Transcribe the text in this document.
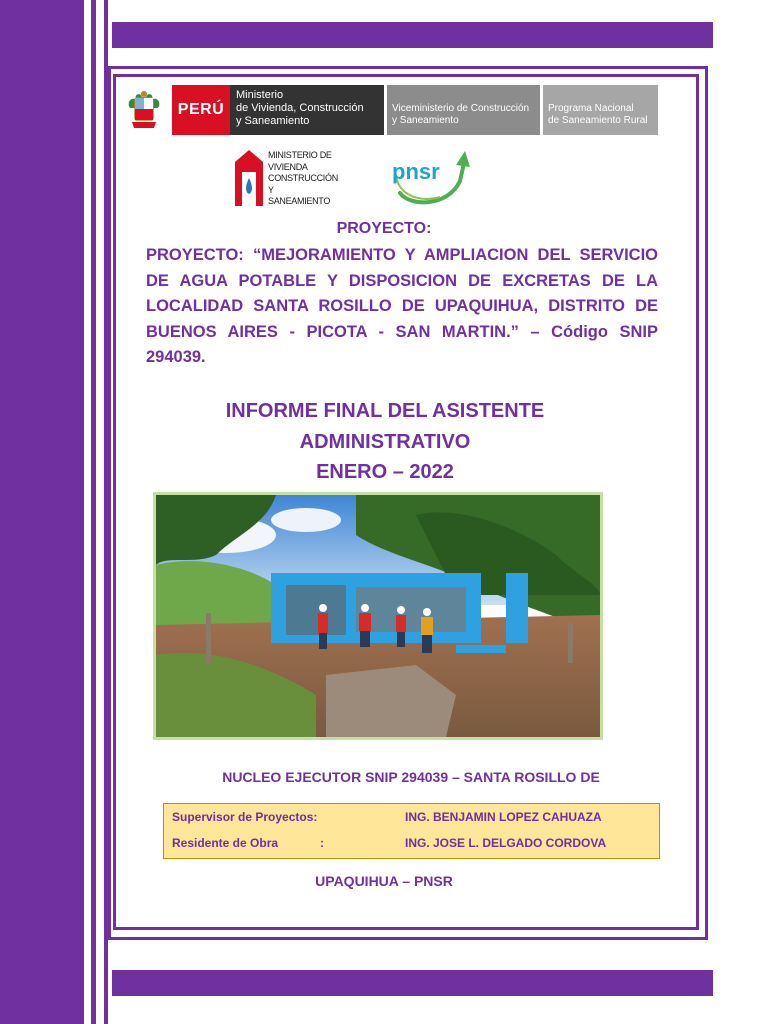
PERÚ
Ministerio
de Vivienda, Construcción
y Saneamiento
Viceministerio de Construcción
y Saneamiento
Programa Nacional
de Saneamiento Rural
MINISTERIO DE
VIVIENDA
CONSTRUCCIÓN Y
SANEAMIENTO
pnsr
PROYECTO:
PROYECTO: “MEJORAMIENTO Y AMPLIACION DEL SERVICIO DE AGUA POTABLE Y DISPOSICION DE EXCRETAS DE LA LOCALIDAD SANTA ROSILLO DE UPAQUIHUA, DISTRITO DE BUENOS AIRES - PICOTA - SAN MARTIN.” – Código SNIP 294039.
INFORME FINAL DEL ASISTENTE
ADMINISTRATIVO
ENERO – 2022
NUCLEO EJECUTOR SNIP 294039 – SANTA ROSILLO DE
Supervisor de Proyectos:	ING. BENJAMIN LOPEZ CAHUAZA
Residente de Obra	:	ING. JOSE L. DELGADO CORDOVA
UPAQUIHUA – PNSR
